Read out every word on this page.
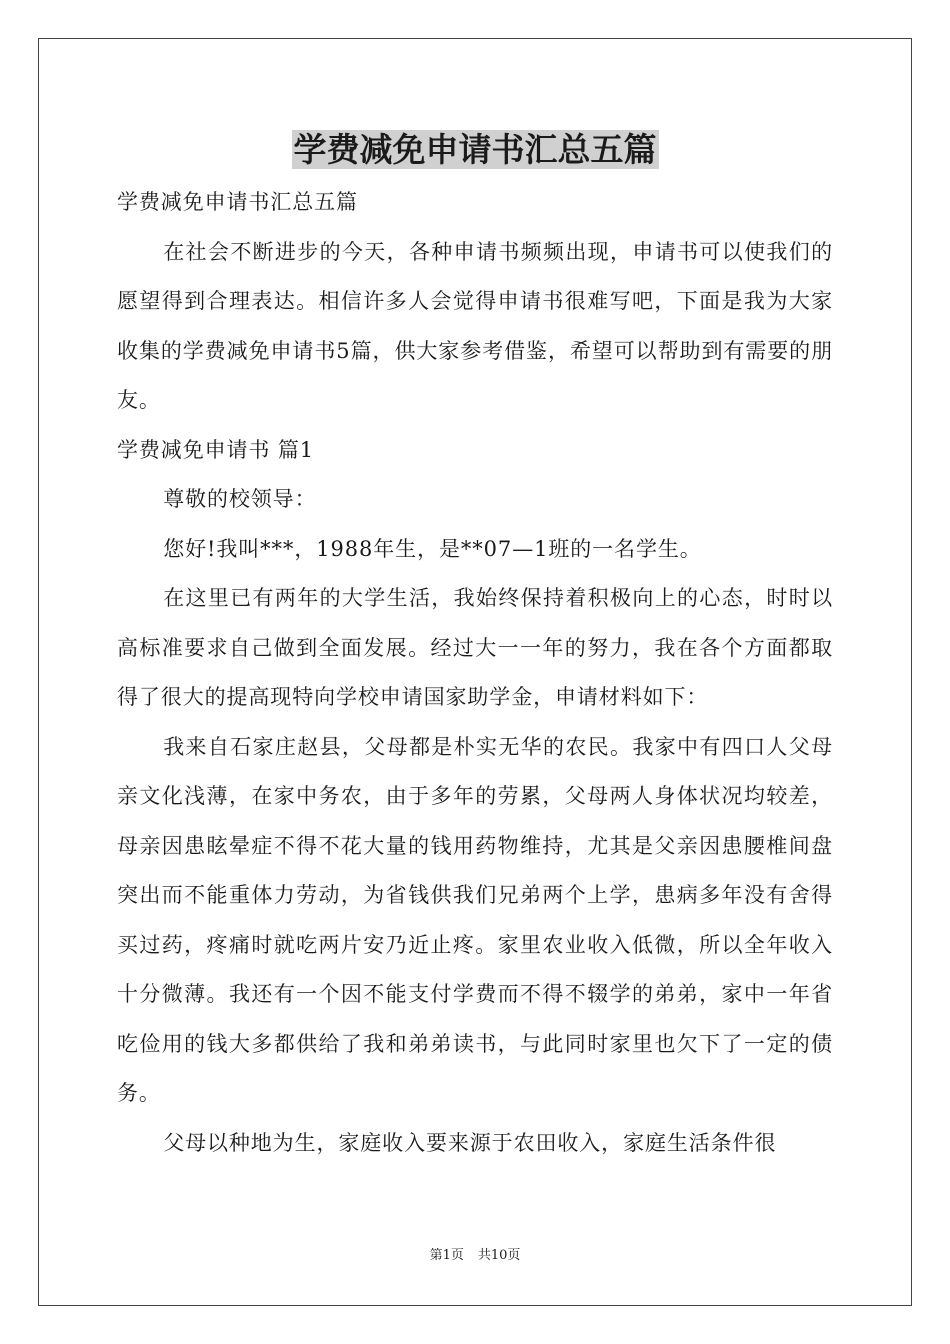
学费减免申请书汇总五篇

学费减免申请书汇总五篇

在社会不断进步的今天，各种申请书频频出现，申请书可以使我们的愿望得到合理表达。相信许多人会觉得申请书很难写吧，下面是我为大家收集的学费减免申请书5篇，供大家参考借鉴，希望可以帮助到有需要的朋友。

学费减免申请书 篇1

尊敬的校领导：

您好!我叫***，1988年生，是**07—1班的一名学生。

在这里已有两年的大学生活，我始终保持着积极向上的心态，时时以高标准要求自己做到全面发展。经过大一一年的努力，我在各个方面都取得了很大的提高现特向学校申请国家助学金，申请材料如下：

我来自石家庄赵县，父母都是朴实无华的农民。我家中有四口人父母亲文化浅薄，在家中务农，由于多年的劳累，父母两人身体状况均较差，母亲因患眩晕症不得不花大量的钱用药物维持，尤其是父亲因患腰椎间盘突出而不能重体力劳动，为省钱供我们兄弟两个上学，患病多年没有舍得买过药，疼痛时就吃两片安乃近止疼。家里农业收入低微，所以全年收入十分微薄。我还有一个因不能支付学费而不得不辍学的弟弟，家中一年省吃俭用的钱大多都供给了我和弟弟读书，与此同时家里也欠下了一定的债务。

父母以种地为生，家庭收入要来源于农田收入，家庭生活条件很

第1页 共10页
